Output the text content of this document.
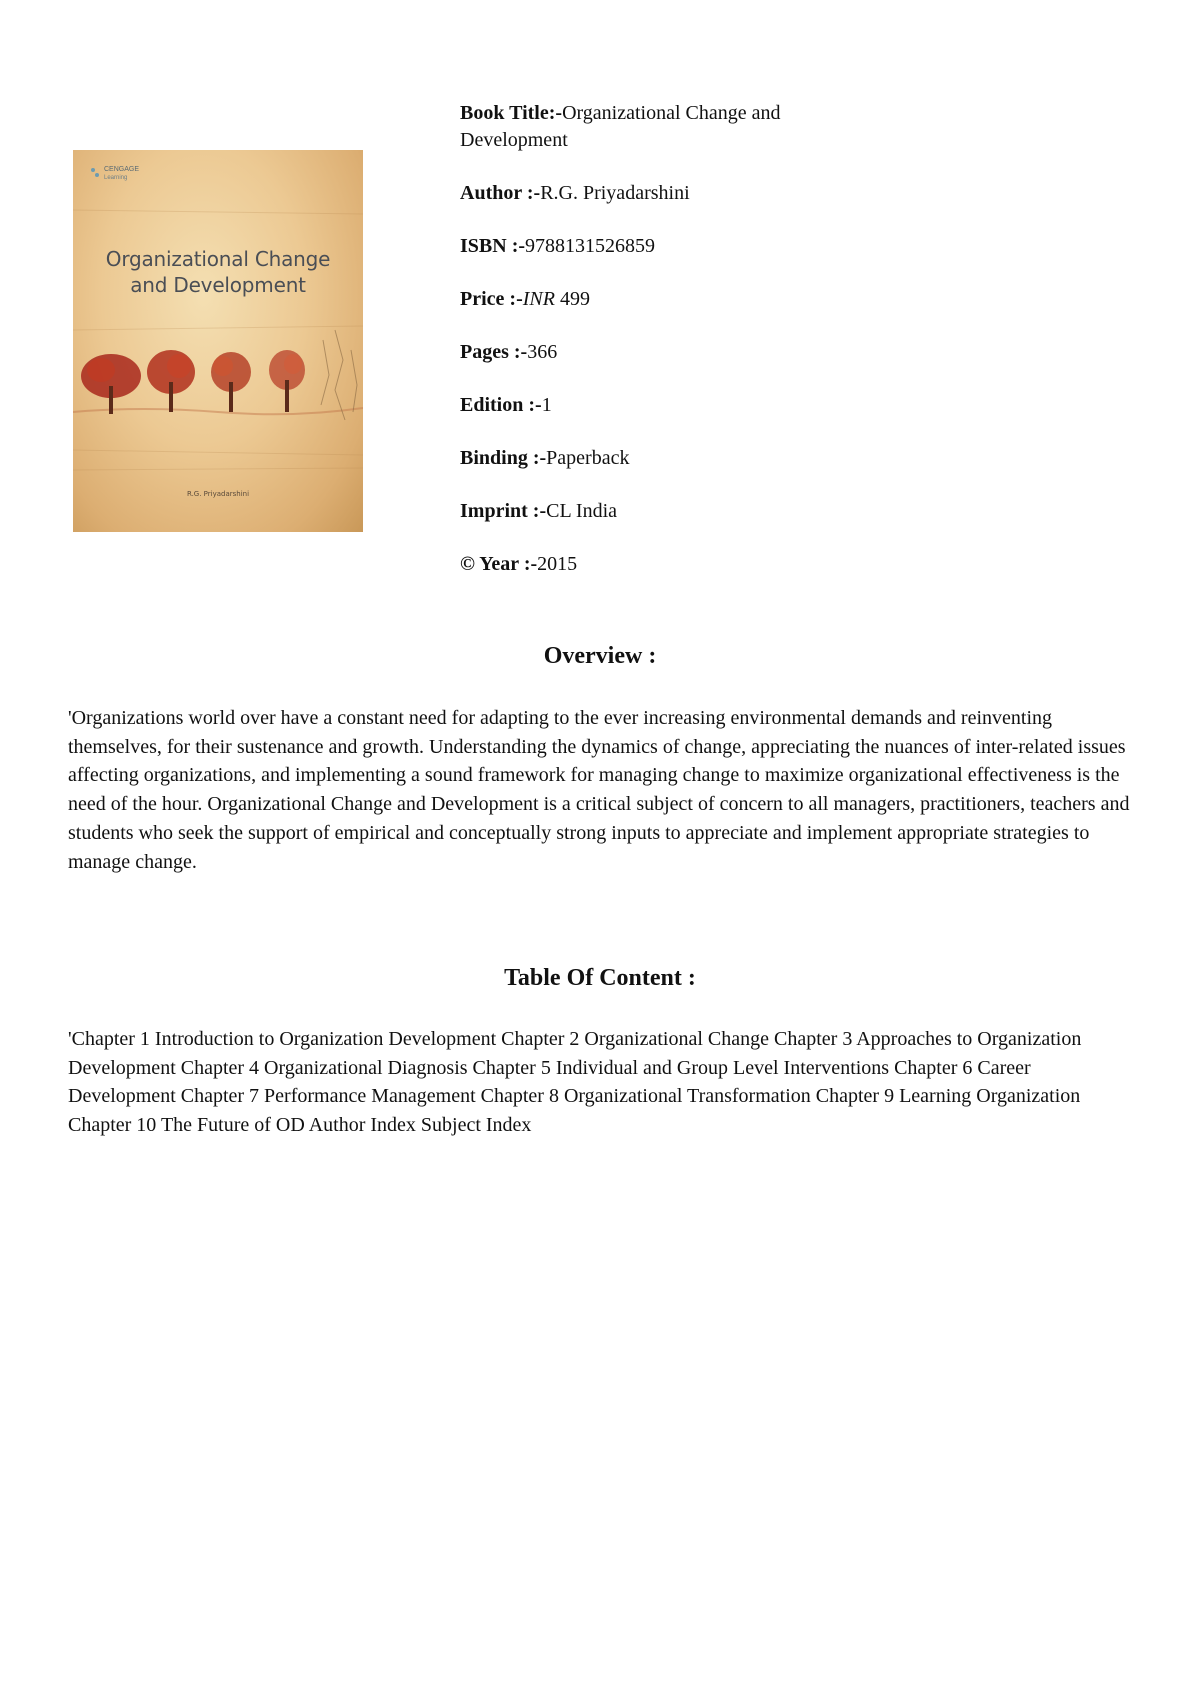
CENGAGE
Learning
Organizational Change
and Development
R.G. Priyadarshini

Book Title:-Organizational Change and Development

Author :-R.G. Priyadarshini

ISBN :-9788131526859

Price :-INR 499

Pages :-366

Edition :-1

Binding :-Paperback

Imprint :-CL India

© Year :-2015

Overview :

'Organizations world over have a constant need for adapting to the ever increasing environmental demands and reinventing themselves, for their sustenance and growth. Understanding the dynamics of change, appreciating the nuances of inter-related issues affecting organizations, and implementing a sound framework for managing change to maximize organizational effectiveness is the need of the hour. Organizational Change and Development is a critical subject of concern to all managers, practitioners, teachers and students who seek the support of empirical and conceptually strong inputs to appreciate and implement appropriate strategies to manage change.

Table Of Content :

'Chapter 1 Introduction to Organization Development Chapter 2 Organizational Change Chapter 3 Approaches to Organization Development Chapter 4 Organizational Diagnosis Chapter 5 Individual and Group Level Interventions Chapter 6 Career Development Chapter 7 Performance Management Chapter 8 Organizational Transformation Chapter 9 Learning Organization Chapter 10 The Future of OD Author Index Subject Index
